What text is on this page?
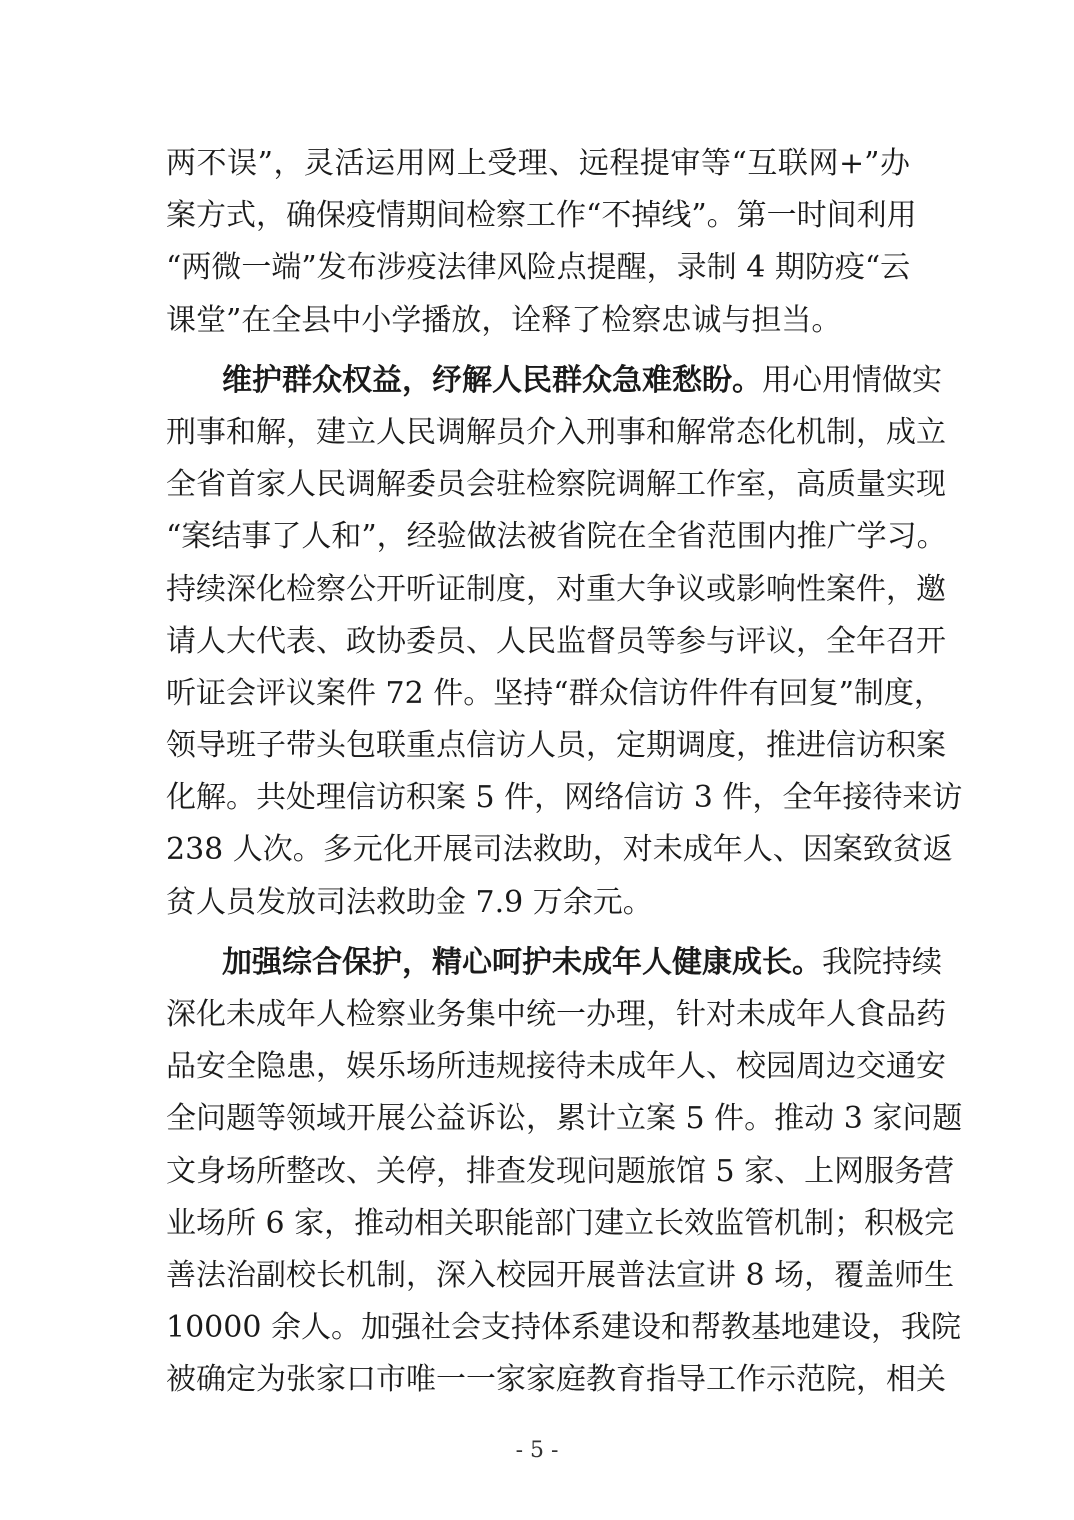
两不误”，灵活运用网上受理、远程提审等“互联网+”办
案方式，确保疫情期间检察工作“不掉线”。第一时间利用
“两微一端”发布涉疫法律风险点提醒，录制 4 期防疫“云
课堂”在全县中小学播放，诠释了检察忠诚与担当。
维护群众权益，纾解人民群众急难愁盼。用心用情做实
刑事和解，建立人民调解员介入刑事和解常态化机制，成立
全省首家人民调解委员会驻检察院调解工作室，高质量实现
“案结事了人和”，经验做法被省院在全省范围内推广学习。
持续深化检察公开听证制度，对重大争议或影响性案件，邀
请人大代表、政协委员、人民监督员等参与评议，全年召开
听证会评议案件 72 件。坚持“群众信访件件有回复”制度，
领导班子带头包联重点信访人员，定期调度，推进信访积案
化解。共处理信访积案 5 件，网络信访 3 件，全年接待来访
238 人次。多元化开展司法救助，对未成年人、因案致贫返
贫人员发放司法救助金 7.9 万余元。
加强综合保护，精心呵护未成年人健康成长。我院持续
深化未成年人检察业务集中统一办理，针对未成年人食品药
品安全隐患，娱乐场所违规接待未成年人、校园周边交通安
全问题等领域开展公益诉讼，累计立案 5 件。推动 3 家问题
文身场所整改、关停，排查发现问题旅馆 5 家、上网服务营
业场所 6 家，推动相关职能部门建立长效监管机制；积极完
善法治副校长机制，深入校园开展普法宣讲 8 场，覆盖师生
10000 余人。加强社会支持体系建设和帮教基地建设，我院
被确定为张家口市唯一一家家庭教育指导工作示范院，相关
- 5 -
